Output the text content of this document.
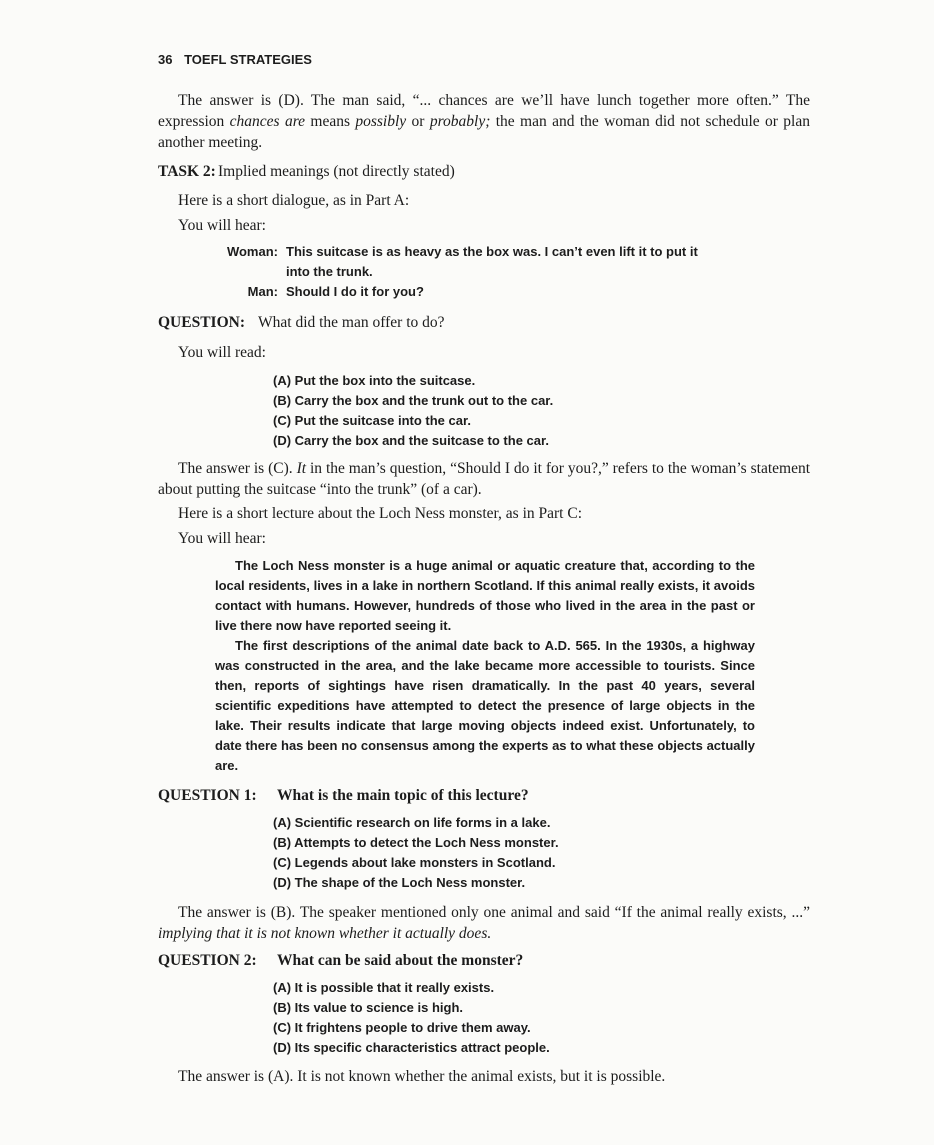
36 TOEFL STRATEGIES
The answer is (D). The man said, “... chances are we’ll have lunch together more often.” The expression chances are means possibly or probably; the man and the woman did not schedule or plan another meeting.
TASK 2: Implied meanings (not directly stated)
Here is a short dialogue, as in Part A:
You will hear:
Woman: This suitcase is as heavy as the box was. I can’t even lift it to put it
into the trunk.
Man: Should I do it for you?
QUESTION: What did the man offer to do?
You will read:
(A) Put the box into the suitcase.
(B) Carry the box and the trunk out to the car.
(C) Put the suitcase into the car.
(D) Carry the box and the suitcase to the car.
The answer is (C). It in the man’s question, “Should I do it for you?,” refers to the woman’s statement about putting the suitcase “into the trunk” (of a car).
Here is a short lecture about the Loch Ness monster, as in Part C:
You will hear:

The Loch Ness monster is a huge animal or aquatic creature that, according to the local residents, lives in a lake in northern Scotland. If this animal really exists, it avoids contact with humans. However, hundreds of those who lived in the area in the past or live there now have reported seeing it.

The first descriptions of the animal date back to A.D. 565. In the 1930s, a highway was constructed in the area, and the lake became more accessible to tourists. Since then, reports of sightings have risen dramatically. In the past 40 years, several scientific expeditions have attempted to detect the presence of large objects in the lake. Their results indicate that large moving objects indeed exist. Unfortunately, to date there has been no consensus among the experts as to what these objects actually are.

QUESTION 1: What is the main topic of this lecture?
(A) Scientific research on life forms in a lake.
(B) Attempts to detect the Loch Ness monster.
(C) Legends about lake monsters in Scotland.
(D) The shape of the Loch Ness monster.
The answer is (B). The speaker mentioned only one animal and said “If the animal really exists, ...” implying that it is not known whether it actually does.
QUESTION 2: What can be said about the monster?
(A) It is possible that it really exists.
(B) Its value to science is high.
(C) It frightens people to drive them away.
(D) Its specific characteristics attract people.
The answer is (A). It is not known whether the animal exists, but it is possible.
